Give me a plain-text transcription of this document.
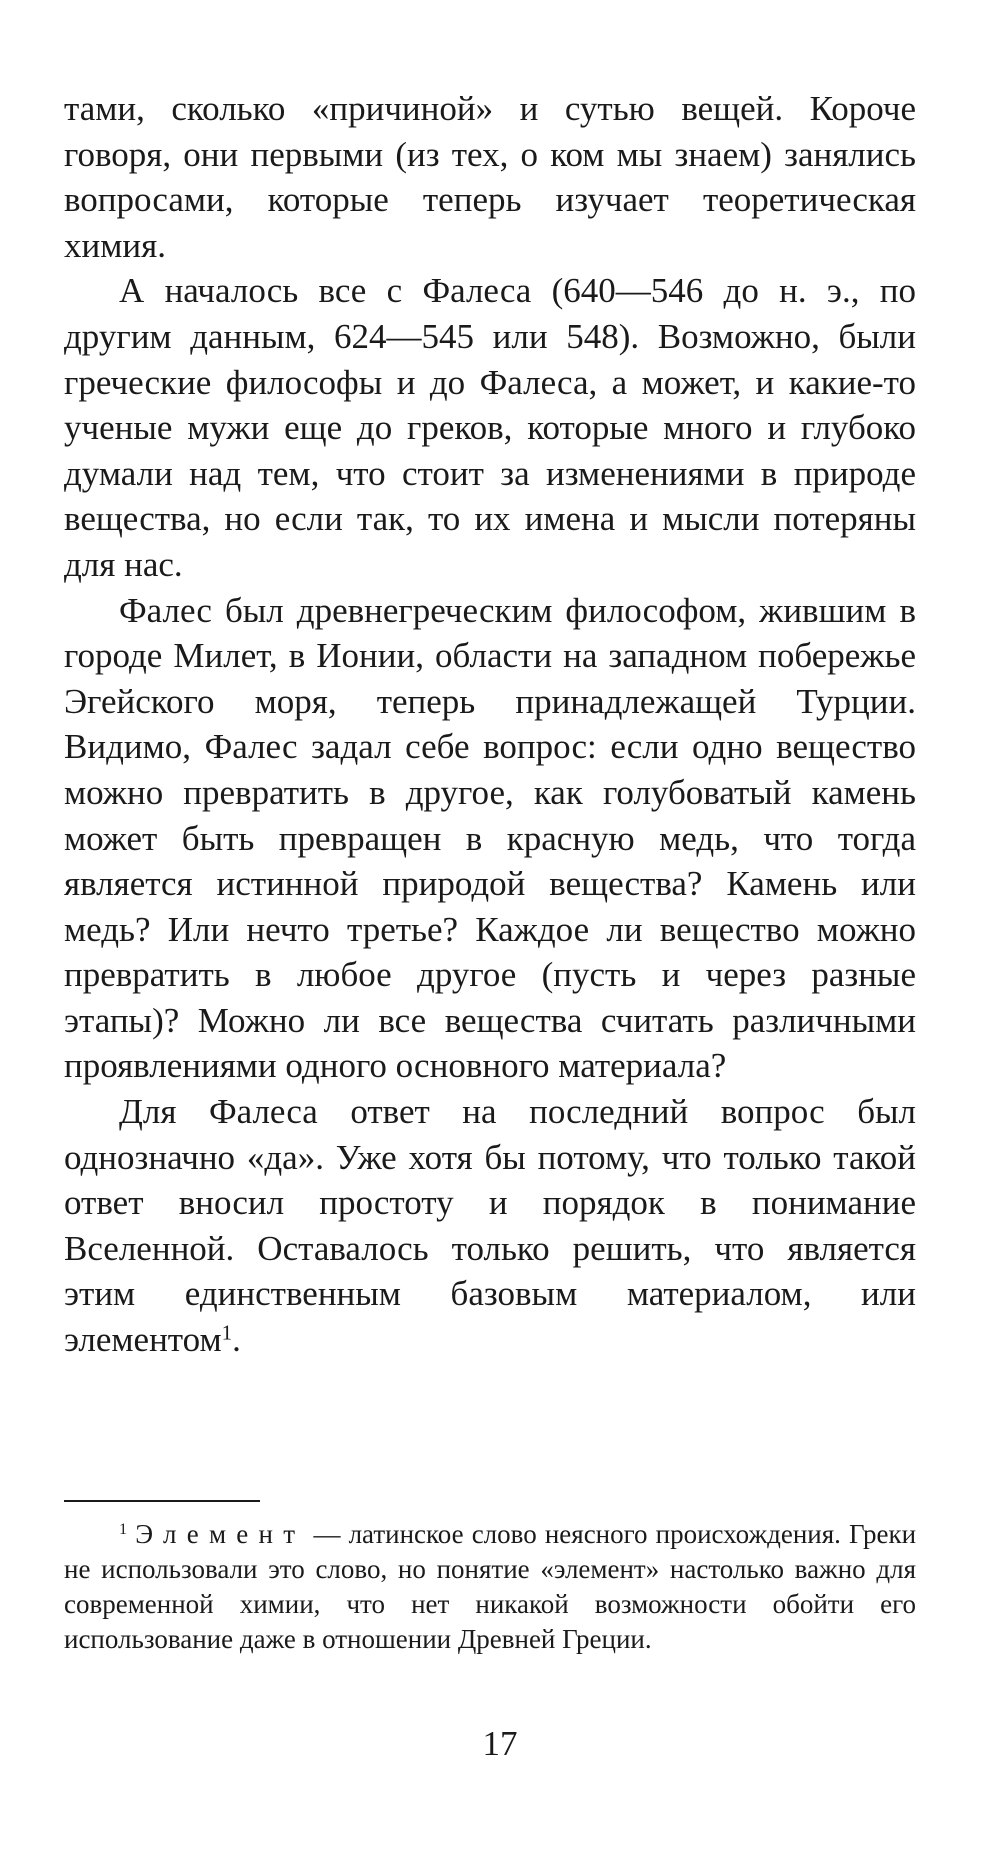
тами, сколько «причиной» и сутью вещей. Короче говоря, они первыми (из тех, о ком мы знаем) занялись вопросами, которые теперь изучает теоретическая химия.

А началось все с Фалеса (640—546 до н. э., по другим данным, 624—545 или 548). Возможно, были греческие философы и до Фалеса, а может, и какие-то ученые мужи еще до греков, которые много и глубоко думали над тем, что стоит за изменениями в природе вещества, но если так, то их имена и мысли потеряны для нас.

Фалес был древнегреческим философом, жившим в городе Милет, в Ионии, области на западном побережье Эгейского моря, теперь принадлежащей Турции. Видимо, Фалес задал себе вопрос: если одно вещество можно превратить в другое, как голубоватый камень может быть превращен в красную медь, что тогда является истинной природой вещества? Камень или медь? Или нечто третье? Каждое ли вещество можно превратить в любое другое (пусть и через разные этапы)? Можно ли все вещества считать различными проявлениями одного основного материала?

Для Фалеса ответ на последний вопрос был однозначно «да». Уже хотя бы потому, что только такой ответ вносил простоту и порядок в понимание Вселенной. Оставалось только решить, что является этим единственным базовым материалом, или элементом$^1$.

$^1$ Элемент — латинское слово неясного происхождения. Греки не использовали это слово, но понятие «элемент» настолько важно для современной химии, что нет никакой возможности обойти его использование даже в отношении Древней Греции.

17
